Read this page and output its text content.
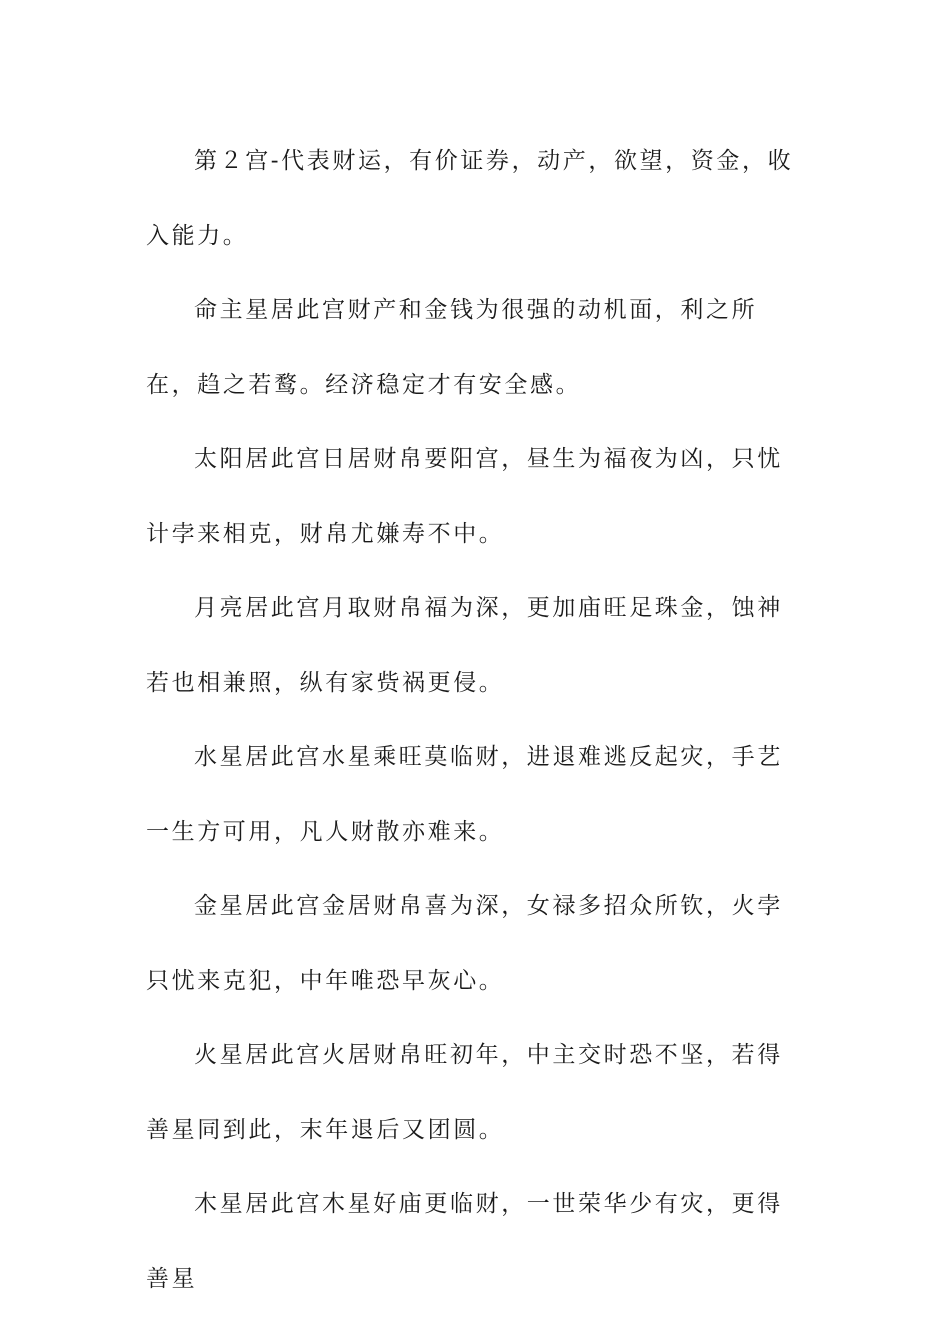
第２宫-代表财运，有价证券，动产，欲望，资金，收入能力。

命主星居此宫财产和金钱为很强的动机面，利之所在，趋之若鹜。经济稳定才有安全感。

太阳居此宫日居财帛要阳宫，昼生为福夜为凶，只忧计孛来相克，财帛尤嫌寿不中。

月亮居此宫月取财帛福为深，更加庙旺足珠金，蚀神若也相兼照，纵有家赀祸更侵。

水星居此宫水星乘旺莫临财，进退难逃反起灾，手艺一生方可用，凡人财散亦难来。

金星居此宫金居财帛喜为深，女禄多招众所钦，火孛只忧来克犯，中年唯恐早灰心。

火星居此宫火居财帛旺初年，中主交时恐不坚，若得善星同到此，末年退后又团圆。

木星居此宫木星好庙更临财，一世荣华少有灾，更得善星
